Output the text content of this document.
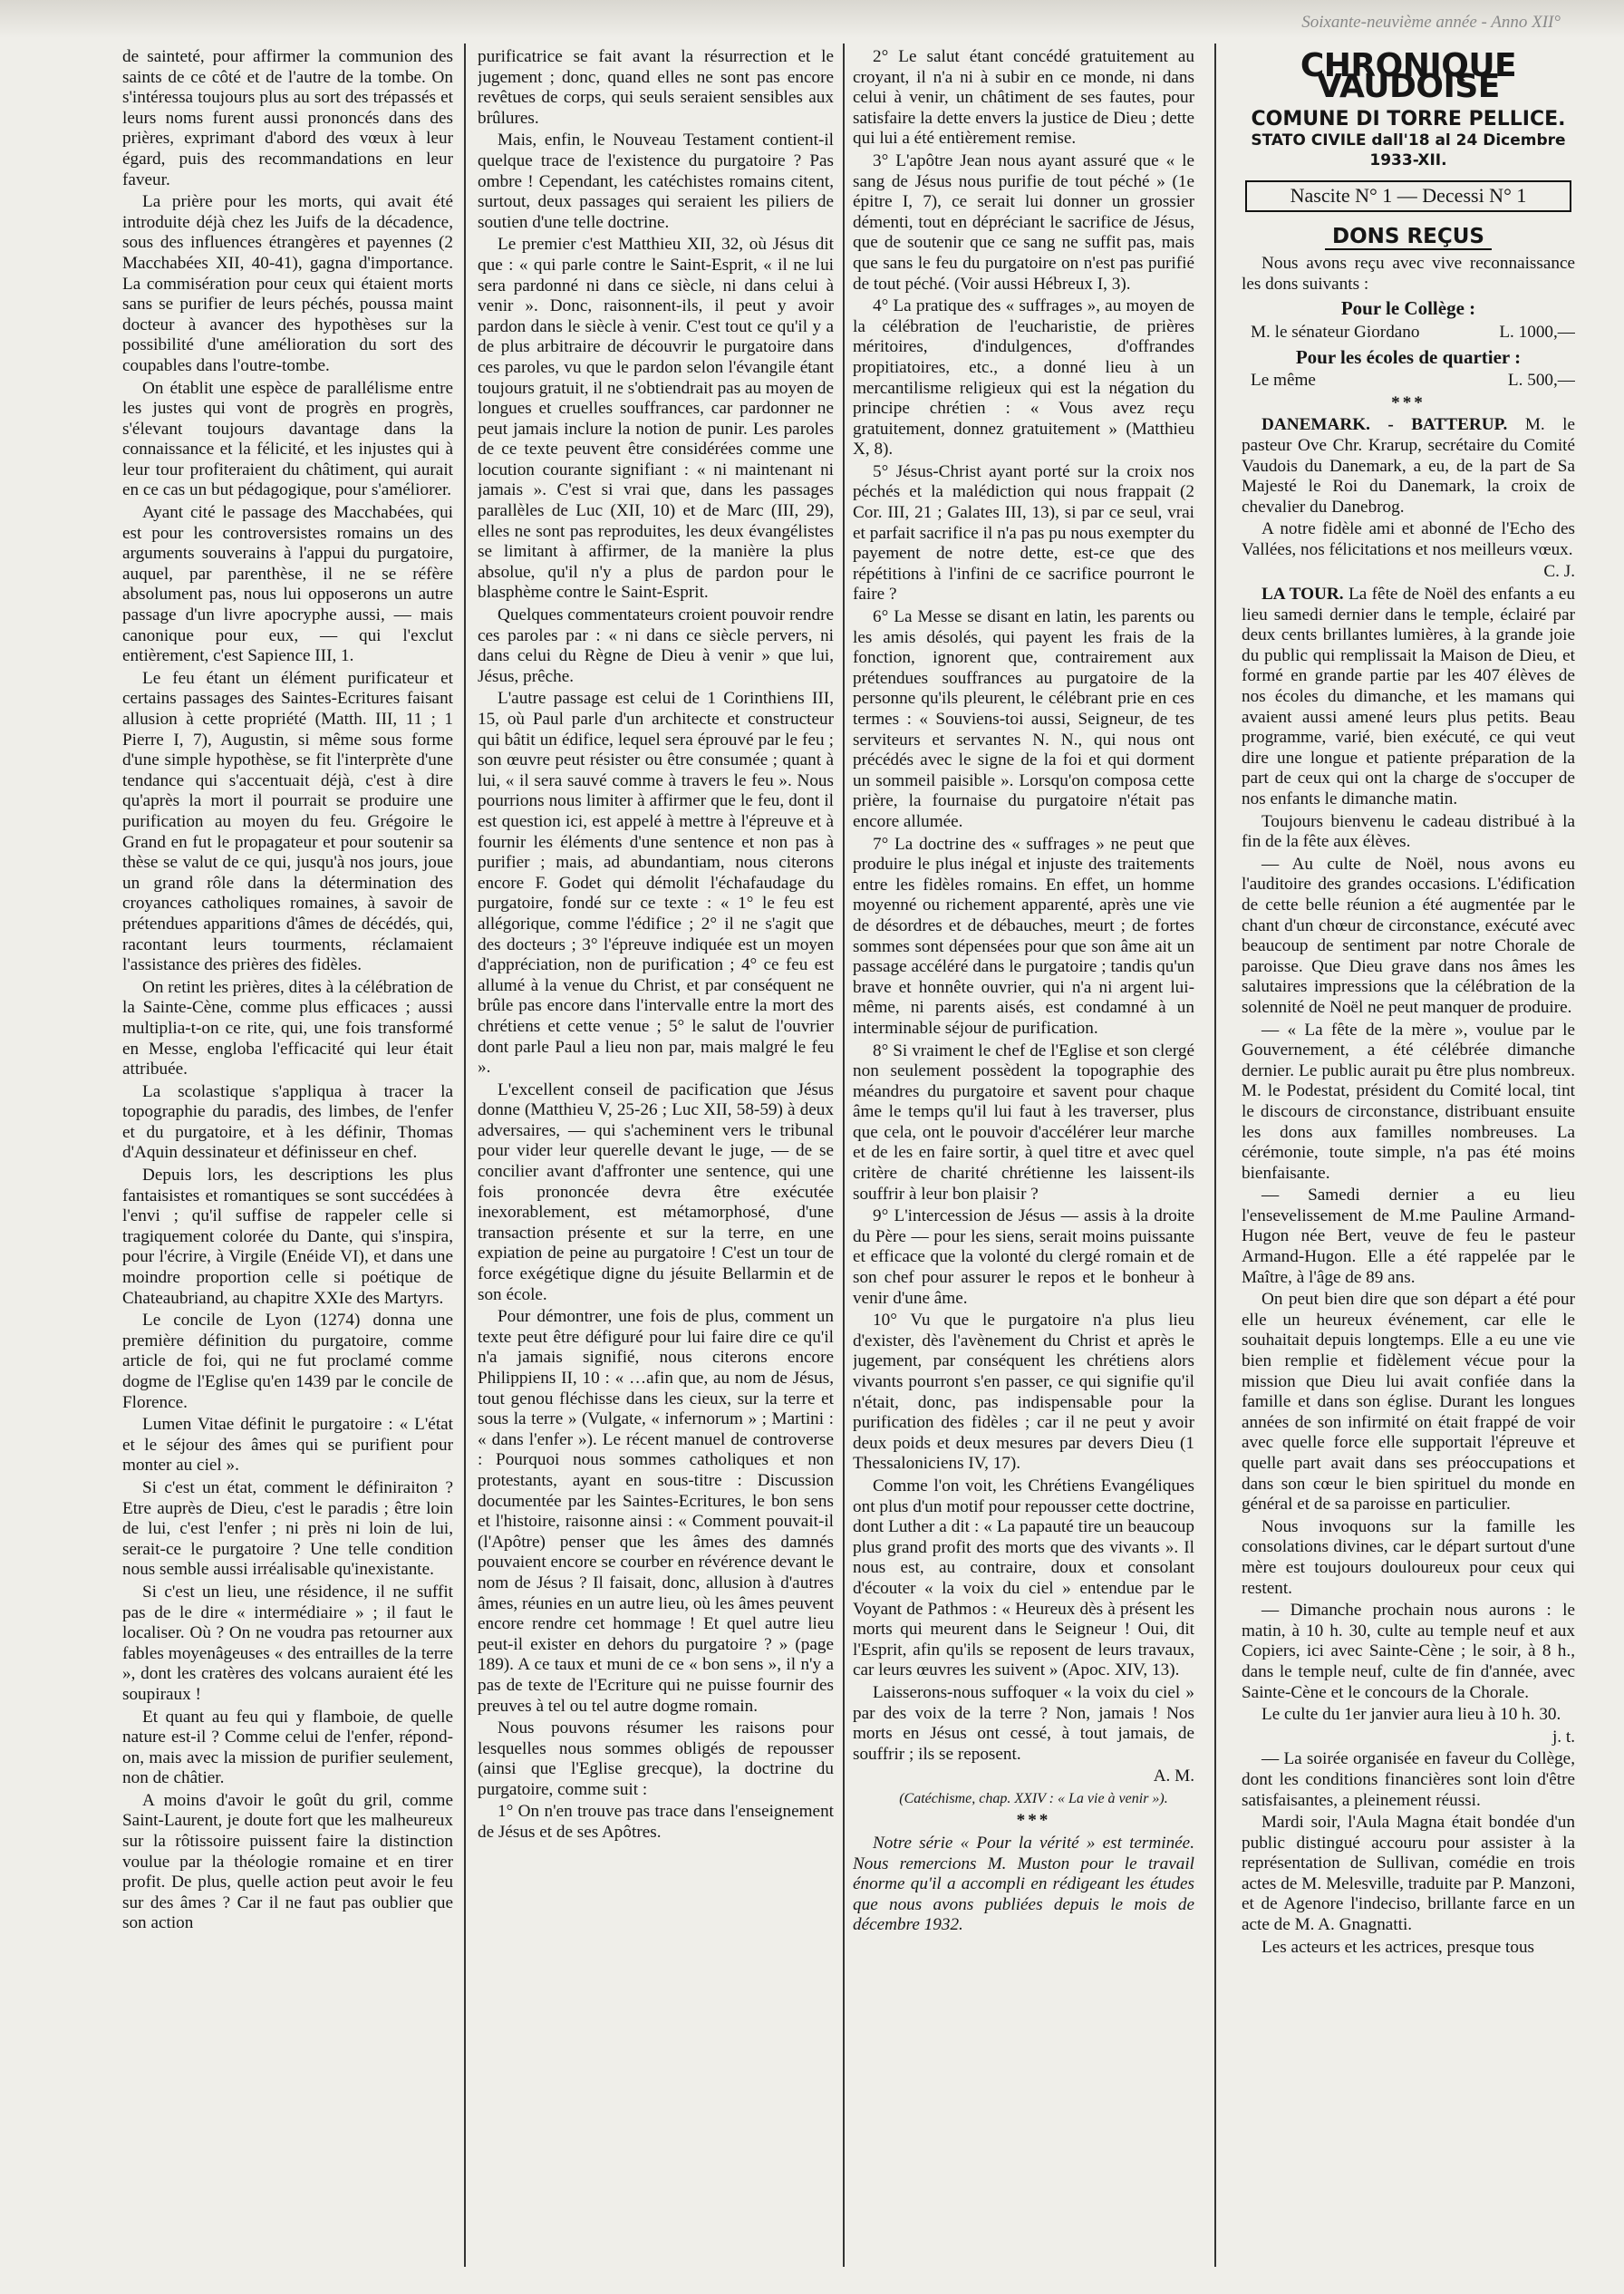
Soixante-neuvième année - Anno XII°

de sainteté, pour affirmer la communion des saints de ce côté et de l'autre de la tombe. On s'intéressa toujours plus au sort des trépassés et leurs noms furent aussi prononcés dans des prières, exprimant d'abord des vœux à leur égard, puis des recommandations en leur faveur.

La prière pour les morts, qui avait été introduite déjà chez les Juifs de la décadence, sous des influences étrangères et payennes (2 Macchabées XII, 40-41), gagna d'importance. La commisération pour ceux qui étaient morts sans se purifier de leurs péchés, poussa maint docteur à avancer des hypothèses sur la possibilité d'une amélioration du sort des coupables dans l'outre-tombe.

On établit une espèce de parallélisme entre les justes qui vont de progrès en progrès, s'élevant toujours davantage dans la connaissance et la félicité, et les injustes qui à leur tour profiteraient du châtiment, qui aurait en ce cas un but pédagogique, pour s'améliorer.

Ayant cité le passage des Macchabées, qui est pour les controversistes romains un des arguments souverains à l'appui du purgatoire, auquel, par parenthèse, il ne se réfère absolument pas, nous lui opposerons un autre passage d'un livre apocryphe aussi, — mais canonique pour eux, — qui l'exclut entièrement, c'est Sapience III, 1.

Le feu étant un élément purificateur et certains passages des Saintes-Ecritures faisant allusion à cette propriété (Matth. III, 11 ; 1 Pierre I, 7), Augustin, si même sous forme d'une simple hypothèse, se fit l'interprète d'une tendance qui s'accentuait déjà, c'est à dire qu'après la mort il pourrait se produire une purification au moyen du feu. Grégoire le Grand en fut le propagateur et pour soutenir sa thèse se valut de ce qui, jusqu'à nos jours, joue un grand rôle dans la détermination des croyances catholiques romaines, à savoir de prétendues apparitions d'âmes de décédés, qui, racontant leurs tourments, réclamaient l'assistance des prières des fidèles.

On retint les prières, dites à la célébration de la Sainte-Cène, comme plus efficaces ; aussi multiplia-t-on ce rite, qui, une fois transformé en Messe, engloba l'efficacité qui leur était attribuée.

La scolastique s'appliqua à tracer la topographie du paradis, des limbes, de l'enfer et du purgatoire, et à les définir, Thomas d'Aquin dessinateur et définisseur en chef.

Depuis lors, les descriptions les plus fantaisistes et romantiques se sont succédées à l'envi ; qu'il suffise de rappeler celle si tragiquement colorée du Dante, qui s'inspira, pour l'écrire, à Virgile (Enéide VI), et dans une moindre proportion celle si poétique de Chateaubriand, au chapitre XXIe des Martyrs.

Le concile de Lyon (1274) donna une première définition du purgatoire, comme article de foi, qui ne fut proclamé comme dogme de l'Eglise qu'en 1439 par le concile de Florence.

Lumen Vitae définit le purgatoire : « L'état et le séjour des âmes qui se purifient pour monter au ciel ».

Si c'est un état, comment le définiraiton ? Etre auprès de Dieu, c'est le paradis ; être loin de lui, c'est l'enfer ; ni près ni loin de lui, serait-ce le purgatoire ? Une telle condition nous semble aussi irréalisable qu'inexistante.

Si c'est un lieu, une résidence, il ne suffit pas de le dire « intermédiaire » ; il faut le localiser. Où ? On ne voudra pas retourner aux fables moyenâgeuses « des entrailles de la terre », dont les cratères des volcans auraient été les soupiraux !

Et quant au feu qui y flamboie, de quelle nature est-il ? Comme celui de l'enfer, répond-on, mais avec la mission de purifier seulement, non de châtier.

A moins d'avoir le goût du gril, comme Saint-Laurent, je doute fort que les malheureux sur la rôtissoire puissent faire la distinction voulue par la théologie romaine et en tirer profit. De plus, quelle action peut avoir le feu sur des âmes ? Car il ne faut pas oublier que son action

purificatrice se fait avant la résurrection et le jugement ; donc, quand elles ne sont pas encore revêtues de corps, qui seuls seraient sensibles aux brûlures.

Mais, enfin, le Nouveau Testament contient-il quelque trace de l'existence du purgatoire ? Pas ombre ! Cependant, les catéchistes romains citent, surtout, deux passages qui seraient les piliers de soutien d'une telle doctrine.

Le premier c'est Matthieu XII, 32, où Jésus dit que : « qui parle contre le Saint-Esprit, « il ne lui sera pardonné ni dans ce siècle, ni dans celui à venir ». Donc, raisonnent-ils, il peut y avoir pardon dans le siècle à venir. C'est tout ce qu'il y a de plus arbitraire de découvrir le purgatoire dans ces paroles, vu que le pardon selon l'évangile étant toujours gratuit, il ne s'obtiendrait pas au moyen de longues et cruelles souffrances, car pardonner ne peut jamais inclure la notion de punir. Les paroles de ce texte peuvent être considérées comme une locution courante signifiant : « ni maintenant ni jamais ». C'est si vrai que, dans les passages parallèles de Luc (XII, 10) et de Marc (III, 29), elles ne sont pas reproduites, les deux évangélistes se limitant à affirmer, de la manière la plus absolue, qu'il n'y a plus de pardon pour le blasphème contre le Saint-Esprit.

Quelques commentateurs croient pouvoir rendre ces paroles par : « ni dans ce siècle pervers, ni dans celui du Règne de Dieu à venir » que lui, Jésus, prêche.

L'autre passage est celui de 1 Corinthiens III, 15, où Paul parle d'un architecte et constructeur qui bâtit un édifice, lequel sera éprouvé par le feu ; son œuvre peut résister ou être consumée ; quant à lui, « il sera sauvé comme à travers le feu ». Nous pourrions nous limiter à affirmer que le feu, dont il est question ici, est appelé à mettre à l'épreuve et à fournir les éléments d'une sentence et non pas à purifier ; mais, ad abundantiam, nous citerons encore F. Godet qui démolit l'échafaudage du purgatoire, fondé sur ce texte : « 1° le feu est allégorique, comme l'édifice ; 2° il ne s'agit que des docteurs ; 3° l'épreuve indiquée est un moyen d'appréciation, non de purification ; 4° ce feu est allumé à la venue du Christ, et par conséquent ne brûle pas encore dans l'intervalle entre la mort des chrétiens et cette venue ; 5° le salut de l'ouvrier dont parle Paul a lieu non par, mais malgré le feu ».

L'excellent conseil de pacification que Jésus donne (Matthieu V, 25-26 ; Luc XII, 58-59) à deux adversaires, — qui s'acheminent vers le tribunal pour vider leur querelle devant le juge, — de se concilier avant d'affronter une sentence, qui une fois prononcée devra être exécutée inexorablement, est métamorphosé, d'une transaction présente et sur la terre, en une expiation de peine au purgatoire ! C'est un tour de force exégétique digne du jésuite Bellarmin et de son école.

Pour démontrer, une fois de plus, comment un texte peut être défiguré pour lui faire dire ce qu'il n'a jamais signifié, nous citerons encore Philippiens II, 10 : « …afin que, au nom de Jésus, tout genou fléchisse dans les cieux, sur la terre et sous la terre » (Vulgate, « infernorum » ; Martini : « dans l'enfer »). Le récent manuel de controverse : Pourquoi nous sommes catholiques et non protestants, ayant en sous-titre : Discussion documentée par les Saintes-Ecritures, le bon sens et l'histoire, raisonne ainsi : « Comment pouvait-il (l'Apôtre) penser que les âmes des damnés pouvaient encore se courber en révérence devant le nom de Jésus ? Il faisait, donc, allusion à d'autres âmes, réunies en un autre lieu, où les âmes peuvent encore rendre cet hommage ! Et quel autre lieu peut-il exister en dehors du purgatoire ? » (page 189). A ce taux et muni de ce « bon sens », il n'y a pas de texte de l'Ecriture qui ne puisse fournir des preuves à tel ou tel autre dogme romain.

Nous pouvons résumer les raisons pour lesquelles nous sommes obligés de repousser (ainsi que l'Eglise grecque), la doctrine du purgatoire, comme suit :

1° On n'en trouve pas trace dans l'enseignement de Jésus et de ses Apôtres.

2° Le salut étant concédé gratuitement au croyant, il n'a ni à subir en ce monde, ni dans celui à venir, un châtiment de ses fautes, pour satisfaire la dette envers la justice de Dieu ; dette qui lui a été entièrement remise.

3° L'apôtre Jean nous ayant assuré que « le sang de Jésus nous purifie de tout péché » (1e épitre I, 7), ce serait lui donner un grossier démenti, tout en dépréciant le sacrifice de Jésus, que de soutenir que ce sang ne suffit pas, mais que sans le feu du purgatoire on n'est pas purifié de tout péché. (Voir aussi Hébreux I, 3).

4° La pratique des « suffrages », au moyen de la célébration de l'eucharistie, de prières méritoires, d'indulgences, d'offrandes propitiatoires, etc., a donné lieu à un mercantilisme religieux qui est la négation du principe chrétien : « Vous avez reçu gratuitement, donnez gratuitement » (Matthieu X, 8).

5° Jésus-Christ ayant porté sur la croix nos péchés et la malédiction qui nous frappait (2 Cor. III, 21 ; Galates III, 13), si par ce seul, vrai et parfait sacrifice il n'a pas pu nous exempter du payement de notre dette, est-ce que des répétitions à l'infini de ce sacrifice pourront le faire ?

6° La Messe se disant en latin, les parents ou les amis désolés, qui payent les frais de la fonction, ignorent que, contrairement aux prétendues souffrances au purgatoire de la personne qu'ils pleurent, le célébrant prie en ces termes : « Souviens-toi aussi, Seigneur, de tes serviteurs et servantes N. N., qui nous ont précédés avec le signe de la foi et qui dorment un sommeil paisible ». Lorsqu'on composa cette prière, la fournaise du purgatoire n'était pas encore allumée.

7° La doctrine des « suffrages » ne peut que produire le plus inégal et injuste des traitements entre les fidèles romains. En effet, un homme moyenné ou richement apparenté, après une vie de désordres et de débauches, meurt ; de fortes sommes sont dépensées pour que son âme ait un passage accéléré dans le purgatoire ; tandis qu'un brave et honnête ouvrier, qui n'a ni argent lui-même, ni parents aisés, est condamné à un interminable séjour de purification.

8° Si vraiment le chef de l'Eglise et son clergé non seulement possèdent la topographie des méandres du purgatoire et savent pour chaque âme le temps qu'il lui faut à les traverser, plus que cela, ont le pouvoir d'accélérer leur marche et de les en faire sortir, à quel titre et avec quel critère de charité chrétienne les laissent-ils souffrir à leur bon plaisir ?

9° L'intercession de Jésus — assis à la droite du Père — pour les siens, serait moins puissante et efficace que la volonté du clergé romain et de son chef pour assurer le repos et le bonheur à venir d'une âme.

10° Vu que le purgatoire n'a plus lieu d'exister, dès l'avènement du Christ et après le jugement, par conséquent les chrétiens alors vivants pourront s'en passer, ce qui signifie qu'il n'était, donc, pas indispensable pour la purification des fidèles ; car il ne peut y avoir deux poids et deux mesures par devers Dieu (1 Thessaloniciens IV, 17).

Comme l'on voit, les Chrétiens Evangéliques ont plus d'un motif pour repousser cette doctrine, dont Luther a dit : « La papauté tire un beaucoup plus grand profit des morts que des vivants ». Il nous est, au contraire, doux et consolant d'écouter « la voix du ciel » entendue par le Voyant de Pathmos : « Heureux dès à présent les morts qui meurent dans le Seigneur ! Oui, dit l'Esprit, afin qu'ils se reposent de leurs travaux, car leurs œuvres les suivent » (Apoc. XIV, 13).

Laisserons-nous suffoquer « la voix du ciel » par des voix de la terre ? Non, jamais ! Nos morts en Jésus ont cessé, à tout jamais, de souffrir ; ils se reposent.

A. M.

(Catéchisme, chap. XXIV : « La vie à venir »).

***

Notre série « Pour la vérité » est terminée. Nous remercions M. Muston pour le travail énorme qu'il a accompli en rédigeant les études que nous avons publiées depuis le mois de décembre 1932.

CHRONIQUE VAUDOISE
COMUNE DI TORRE PELLICE.
STATO CIVILE dall'18 al 24 Dicembre 1933-XII.
Nascite N° 1 — Decessi N° 1
DONS REÇUS

Nous avons reçu avec vive reconnaissance les dons suivants :

Pour le Collège :
M. le sénateur Giordano	L. 1000,—
Pour les écoles de quartier :
Le même	L. 500,—
***

DANEMARK. - BATTERUP. M. le pasteur Ove Chr. Krarup, secrétaire du Comité Vaudois du Danemark, a eu, de la part de Sa Majesté le Roi du Danemark, la croix de chevalier du Danebrog.

A notre fidèle ami et abonné de l'Echo des Vallées, nos félicitations et nos meilleurs vœux.

C. J.

LA TOUR. La fête de Noël des enfants a eu lieu samedi dernier dans le temple, éclairé par deux cents brillantes lumières, à la grande joie du public qui remplissait la Maison de Dieu, et formé en grande partie par les 407 élèves de nos écoles du dimanche, et les mamans qui avaient aussi amené leurs plus petits. Beau programme, varié, bien exécuté, ce qui veut dire une longue et patiente préparation de la part de ceux qui ont la charge de s'occuper de nos enfants le dimanche matin.

Toujours bienvenu le cadeau distribué à la fin de la fête aux élèves.

— Au culte de Noël, nous avons eu l'auditoire des grandes occasions. L'édification de cette belle réunion a été augmentée par le chant d'un chœur de circonstance, exécuté avec beaucoup de sentiment par notre Chorale de paroisse. Que Dieu grave dans nos âmes les salutaires impressions que la célébration de la solennité de Noël ne peut manquer de produire.

— « La fête de la mère », voulue par le Gouvernement, a été célébrée dimanche dernier. Le public aurait pu être plus nombreux. M. le Podestat, président du Comité local, tint le discours de circonstance, distribuant ensuite les dons aux familles nombreuses. La cérémonie, toute simple, n'a pas été moins bienfaisante.

— Samedi dernier a eu lieu l'ensevelissement de M.me Pauline Armand-Hugon née Bert, veuve de feu le pasteur Armand-Hugon. Elle a été rappelée par le Maître, à l'âge de 89 ans.

On peut bien dire que son départ a été pour elle un heureux événement, car elle le souhaitait depuis longtemps. Elle a eu une vie bien remplie et fidèlement vécue pour la mission que Dieu lui avait confiée dans la famille et dans son église. Durant les longues années de son infirmité on était frappé de voir avec quelle force elle supportait l'épreuve et quelle part avait dans ses préoccupations et dans son cœur le bien spirituel du monde en général et de sa paroisse en particulier.

Nous invoquons sur la famille les consolations divines, car le départ surtout d'une mère est toujours douloureux pour ceux qui restent.

— Dimanche prochain nous aurons : le matin, à 10 h. 30, culte au temple neuf et aux Copiers, ici avec Sainte-Cène ; le soir, à 8 h., dans le temple neuf, culte de fin d'année, avec Sainte-Cène et le concours de la Chorale.

Le culte du 1er janvier aura lieu à 10 h. 30.

j. t.

— La soirée organisée en faveur du Collège, dont les conditions financières sont loin d'être satisfaisantes, a pleinement réussi.

Mardi soir, l'Aula Magna était bondée d'un public distingué accouru pour assister à la représentation de Sullivan, comédie en trois actes de M. Melesville, traduite par P. Manzoni, et de Agenore l'indeciso, brillante farce en un acte de M. A. Gnagnatti.

Les acteurs et les actrices, presque tous
